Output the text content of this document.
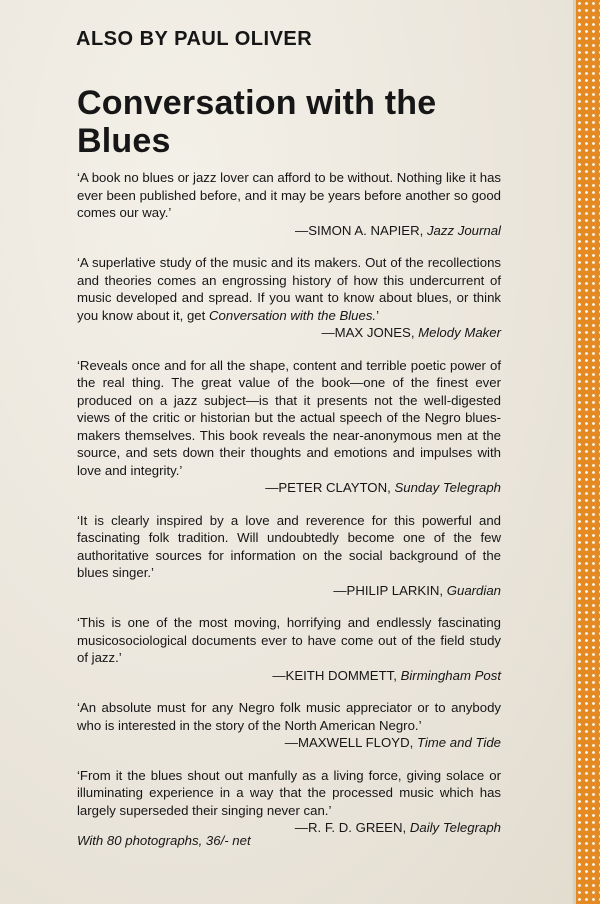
ALSO BY PAUL OLIVER
Conversation with the Blues

‘A book no blues or jazz lover can afford to be without. Nothing like it has ever been published before, and it may be years before another so good comes our way.’

—SIMON A. NAPIER, Jazz Journal

‘A superlative study of the music and its makers. Out of the recollections and theories comes an engrossing history of how this undercurrent of music developed and spread. If you want to know about blues, or think you know about it, get Conversation with the Blues.’

—MAX JONES, Melody Maker

‘Reveals once and for all the shape, content and terrible poetic power of the real thing. The great value of the book—one of the finest ever produced on a jazz subject—is that it presents not the well-digested views of the critic or historian but the actual speech of the Negro blues-makers themselves. This book reveals the near-anonymous men at the source, and sets down their thoughts and emotions and impulses with love and integrity.’

—PETER CLAYTON, Sunday Telegraph

‘It is clearly inspired by a love and reverence for this powerful and fascinating folk tradition. Will undoubtedly become one of the few authoritative sources for information on the social background of the blues singer.’

—PHILIP LARKIN, Guardian

‘This is one of the most moving, horrifying and endlessly fascinating musicosociological documents ever to have come out of the field study of jazz.’

—KEITH DOMMETT, Birmingham Post

‘An absolute must for any Negro folk music appreciator or to anybody who is interested in the story of the North American Negro.’

—MAXWELL FLOYD, Time and Tide

‘From it the blues shout out manfully as a living force, giving solace or illuminating experience in a way that the processed music which has largely superseded their singing never can.’

—R. F. D. GREEN, Daily Telegraph

With 80 photographs, 36/- net
